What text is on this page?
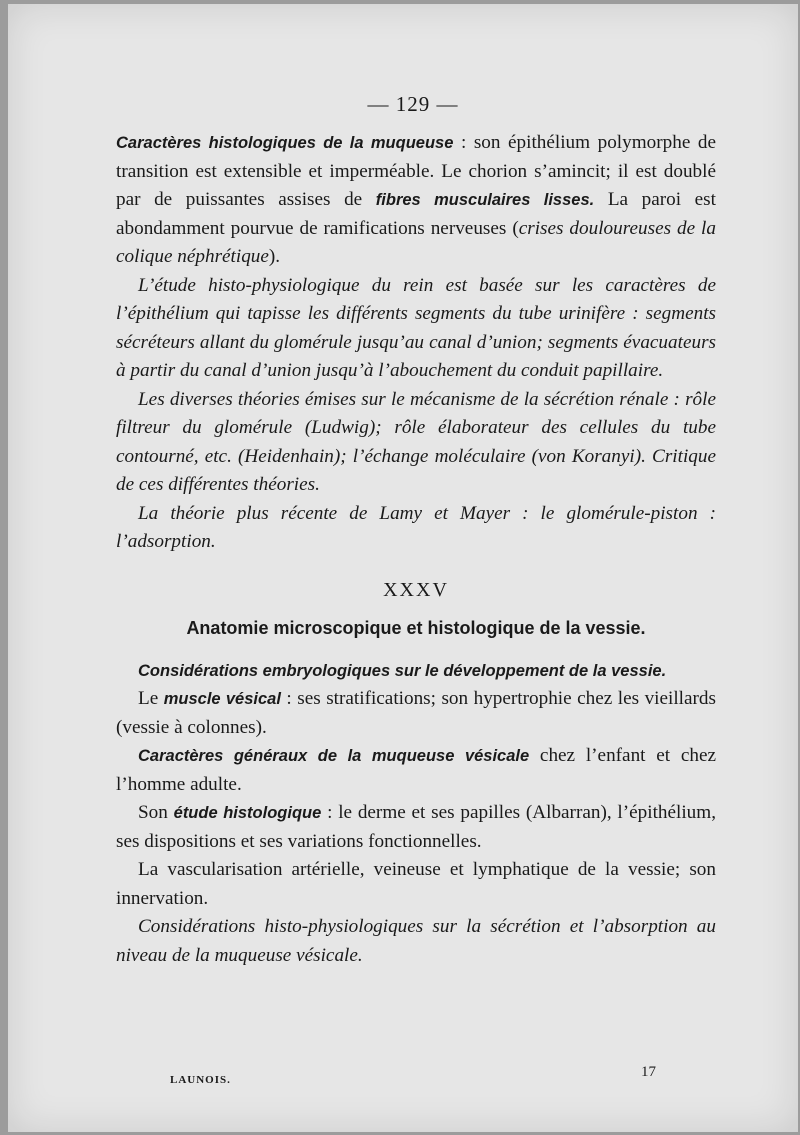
— 129 —

Caractères histologiques de la muqueuse : son épithélium polymorphe de transition est extensible et imperméable. Le chorion s’amincit; il est doublé par de puissantes assises de fibres musculaires lisses. La paroi est abondamment pourvue de ramifications nerveuses (crises douloureuses de la colique néphrétique).

L’étude histo-physiologique du rein est basée sur les caractères de l’épithélium qui tapisse les différents segments du tube urinifère : segments sécréteurs allant du glomérule jusqu’au canal d’union; segments évacuateurs à partir du canal d’union jusqu’à l’abouchement du conduit papillaire.

Les diverses théories émises sur le mécanisme de la sécrétion rénale : rôle filtreur du glomérule (Ludwig); rôle élaborateur des cellules du tube contourné, etc. (Heidenhain); l’échange moléculaire (von Koranyi). Critique de ces différentes théories.

La théorie plus récente de Lamy et Mayer : le glomérule-piston : l’adsorption.

XXXV
Anatomie microscopique et histologique de la vessie.

Considérations embryologiques sur le développement de la vessie.

Le muscle vésical : ses stratifications; son hypertrophie chez les vieillards (vessie à colonnes).

Caractères généraux de la muqueuse vésicale chez l’enfant et chez l’homme adulte.

Son étude histologique : le derme et ses papilles (Albarran), l’épithélium, ses dispositions et ses variations fonctionnelles.

La vascularisation artérielle, veineuse et lymphatique de la vessie; son innervation.

Considérations histo-physiologiques sur la sécrétion et l’absorption au niveau de la muqueuse vésicale.

LAUNOIS.	17
